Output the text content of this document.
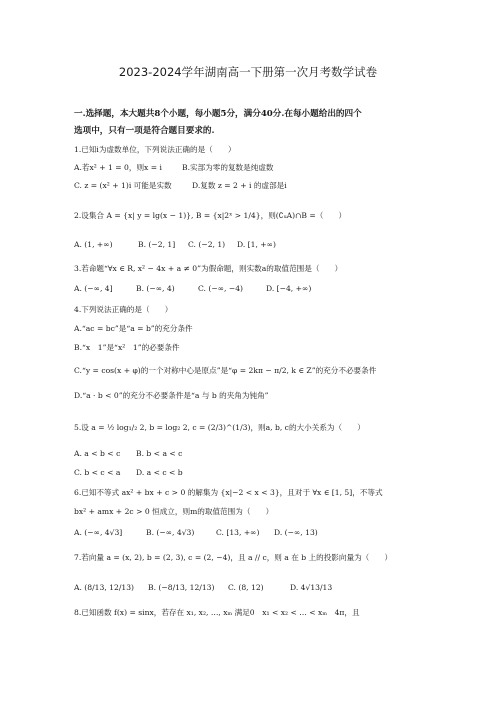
2023-2024学年湖南高一下册第一次月考数学试卷
一.选择题，本大题共8个小题，每小题5分，满分40分.在每小题给出的四个
选项中，只有一项是符合题目要求的.
1.已知i为虚数单位，下列说法正确的是（　　）
A.若x² + 1 = 0，则x = i	B.实部为零的复数是纯虚数
C. z = (x² + 1)i 可能是实数	D.复数 z = 2 + i 的虚部是i
2.设集合 A = {x| y = lg(x − 1)}, B = {x|2ˣ > 1/4}，则(∁ᵤA)∩B =（　　）
A. (1, +∞)	B. (−2, 1] C. (−2, 1) D. [1, +∞)
3.若命题“∀x ∈ R, x² − 4x + a ≠ 0”为假命题，则实数a的取值范围是（　　）
A. (−∞, 4]	B. (−∞, 4)	C. (−∞, −4)	D. [−4, +∞)
4.下列说法正确的是（　　）
A.“ac = bc”是“a = b”的充分条件
B.“x　1”是“x²　1”的必要条件
C.“y = cos(x + φ)的一个对称中心是原点”是“φ = 2kπ − π/2, k ∈ Z”的充分不必要条件
D.“a · b < 0”的充分不必要条件是“a 与 b 的夹角为钝角”
5.设 a = ½ log₁/₂ 2, b = log₂ 2, c = (2/3)^(1/3)，则a, b, c的大小关系为（　　）
A. a < b < c B. b < a < c
C. b < c < a D. a < c < b
6.已知不等式 ax² + bx + c > 0 的解集为 {x|−2 < x < 3}，且对于 ∀x ∈ [1, 5]，不等式
bx² + amx + 2c > 0 恒成立，则m的取值范围为（　　）
A. (−∞, 4√3]	B. (−∞, 4√3)	C. [13, +∞) D. (−∞, 13)
7.若向量 a = (x, 2), b = (2, 3), c = (2, −4)，且 a // c，则 a 在 b 上的投影向量为（　　）
A. (8/13, 12/13) B. (−8/13, 12/13) C. (8, 12)	D. 4√13/13
8.已知函数 f(x) = sinx，若存在 x₁, x₂, …, xₘ 满足0　x₁ < x₂ < … < xₘ　4π，且
